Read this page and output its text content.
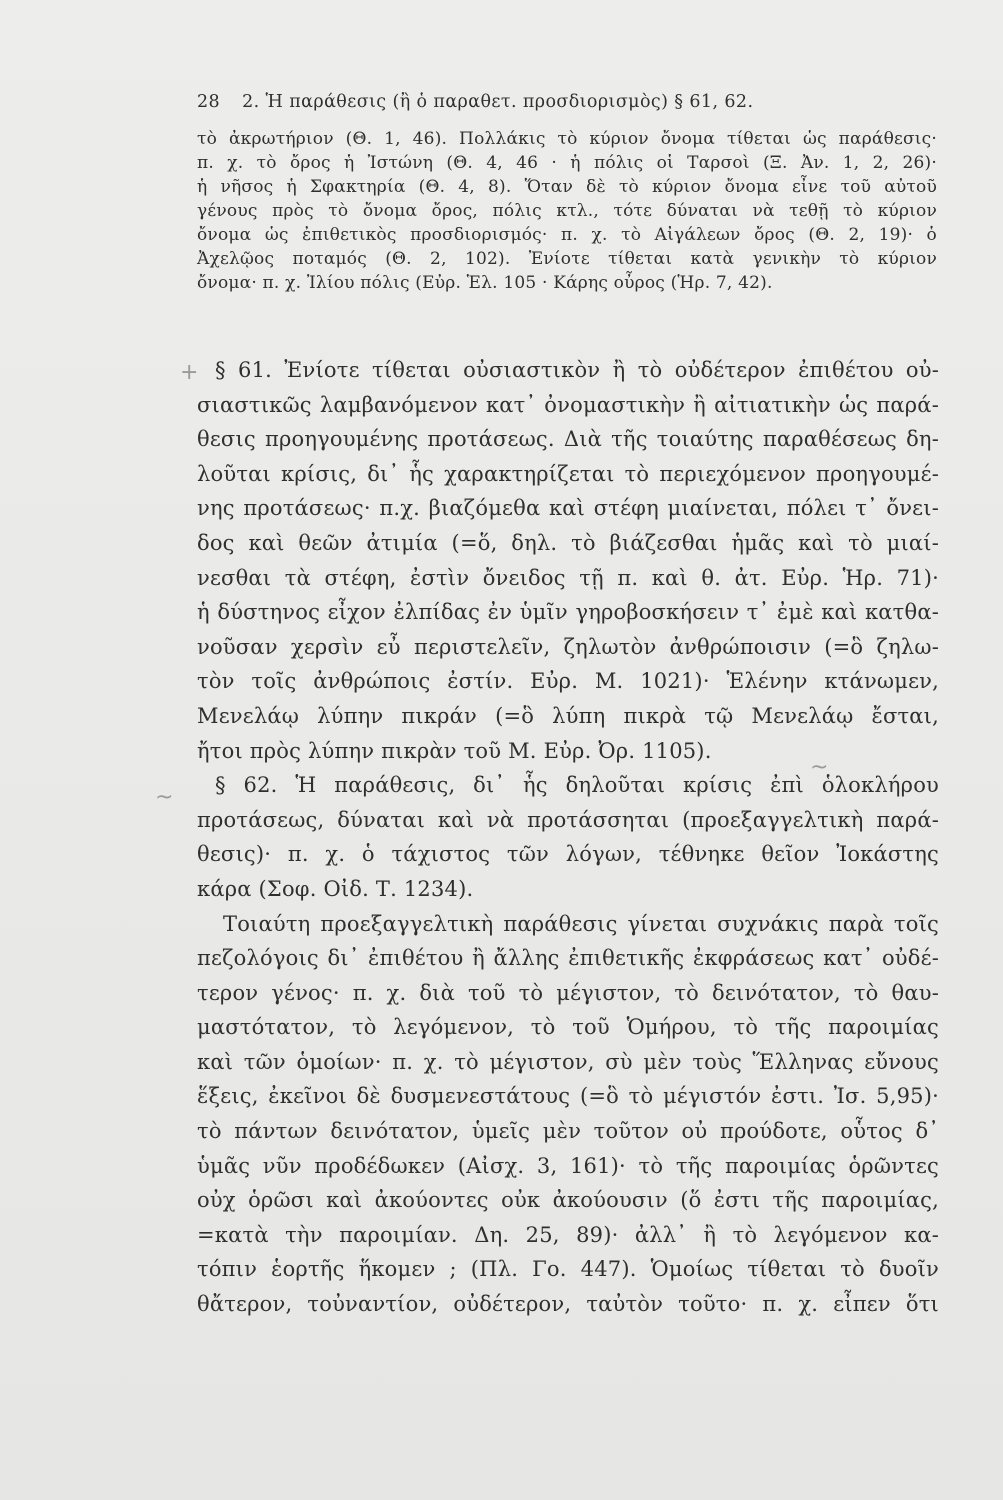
28 2. Ἡ παράθεσις (ἢ ὁ παραθετ. προσδιορισμὸς) § 61, 62.
τὸ ἀκρωτήριον (Θ. 1, 46). Πολλάκις τὸ κύριον ὄνομα τίθεται ὡς παράθεσις·
π. χ. τὸ ὄρος ἡ Ἰστώνη (Θ. 4, 46 · ἡ πόλις οἱ Ταρσοὶ (Ξ. Ἀν. 1, 2, 26)·
ἡ νῆσος ἡ Σφακτηρία (Θ. 4, 8). Ὅταν δὲ τὸ κύριον ὄνομα εἶνε τοῦ αὐτοῦ
γένους πρὸς τὸ ὄνομα ὄρος, πόλις κτλ., τότε δύναται νὰ τεθῇ τὸ κύριον
ὄνομα ὡς ἐπιθετικὸς προσδιορισμός· π. χ. τὸ Αἰγάλεων ὄρος (Θ. 2, 19)· ὁ
Ἀχελῷος ποταμός (Θ. 2, 102). Ἐνίοτε τίθεται κατὰ γενικὴν τὸ κύριον
ὄνομα· π. χ. Ἰλίου πόλις (Εὐρ. Ἑλ. 105 · Κάρης οὖρος (Ἡρ. 7, 42).
+
~
~
§ 61. Ἐνίοτε τίθεται οὐσιαστικὸν ἢ τὸ οὐδέτερον ἐπιθέτου οὐ-
σιαστικῶς λαμβανόμενον κατ᾽ ὀνομαστικὴν ἢ αἰτιατικὴν ὡς παρά-
θεσις προηγουμένης προτάσεως. Διὰ τῆς τοιαύτης παραθέσεως δη-
λοῦται κρίσις, δι᾽ ἧς χαρακτηρίζεται τὸ περιεχόμενον προηγουμέ-
νης προτάσεως· π.χ. βιαζόμεθα καὶ στέφη μιαίνεται, πόλει τ᾽ ὄνει-
δος καὶ θεῶν ἀτιμία (=ὅ, δηλ. τὸ βιάζεσθαι ἡμᾶς καὶ τὸ μιαί-
νεσθαι τὰ στέφη, ἐστὶν ὄνειδος τῇ π. καὶ θ. ἀτ. Εὐρ. Ἡρ. 71)·
ἡ δύστηνος εἶχον ἐλπίδας ἐν ὑμῖν γηροβοσκήσειν τ᾽ ἐμὲ καὶ κατθα-
νοῦσαν χερσὶν εὖ περιστελεῖν, ζηλωτὸν ἀνθρώποισιν (=ὃ ζηλω-
τὸν τοῖς ἀνθρώποις ἐστίν. Εὐρ. Μ. 1021)· Ἑλένην κτάνωμεν,
Μενελάῳ λύπην πικράν (=ὃ λύπη πικρὰ τῷ Μενελάῳ ἔσται,
ἤτοι πρὸς λύπην πικρὰν τοῦ Μ. Εὐρ. Ὀρ. 1105).
§ 62. Ἡ παράθεσις, δι᾽ ἧς δηλοῦται κρίσις ἐπὶ ὁλοκλήρου
προτάσεως, δύναται καὶ νὰ προτάσσηται (προεξαγγελτικὴ παρά-
θεσις)· π. χ. ὁ τάχιστος τῶν λόγων, τέθνηκε θεῖον Ἰοκάστης
κάρα (Σοφ. Οἰδ. Τ. 1234).
Τοιαύτη προεξαγγελτικὴ παράθεσις γίνεται συχνάκις παρὰ τοῖς
πεζολόγοις δι᾽ ἐπιθέτου ἢ ἄλλης ἐπιθετικῆς ἐκφράσεως κατ᾽ οὐδέ-
τερον γένος· π. χ. διὰ τοῦ τὸ μέγιστον, τὸ δεινότατον, τὸ θαυ-
μαστότατον, τὸ λεγόμενον, τὸ τοῦ Ὁμήρου, τὸ τῆς παροιμίας
καὶ τῶν ὁμοίων· π. χ. τὸ μέγιστον, σὺ μὲν τοὺς Ἕλληνας εὔνους
ἕξεις, ἐκεῖνοι δὲ δυσμενεστάτους (=ὃ τὸ μέγιστόν ἐστι. Ἰσ. 5,95)·
τὸ πάντων δεινότατον, ὑμεῖς μὲν τοῦτον οὐ προύδοτε, οὗτος δ᾽
ὑμᾶς νῦν προδέδωκεν (Αἰσχ. 3, 161)· τὸ τῆς παροιμίας ὁρῶντες
οὐχ ὁρῶσι καὶ ἀκούοντες οὐκ ἀκούουσιν (ὅ ἐστι τῆς παροιμίας,
=κατὰ τὴν παροιμίαν. Δη. 25, 89)· ἀλλ᾽ ἢ τὸ λεγόμενον κα-
τόπιν ἑορτῆς ἥκομεν ; (Πλ. Γο. 447). Ὁμοίως τίθεται τὸ δυοῖν
θἄτερον, τοὐναντίον, οὐδέτερον, ταὐτὸν τοῦτο· π. χ. εἶπεν ὅτι
